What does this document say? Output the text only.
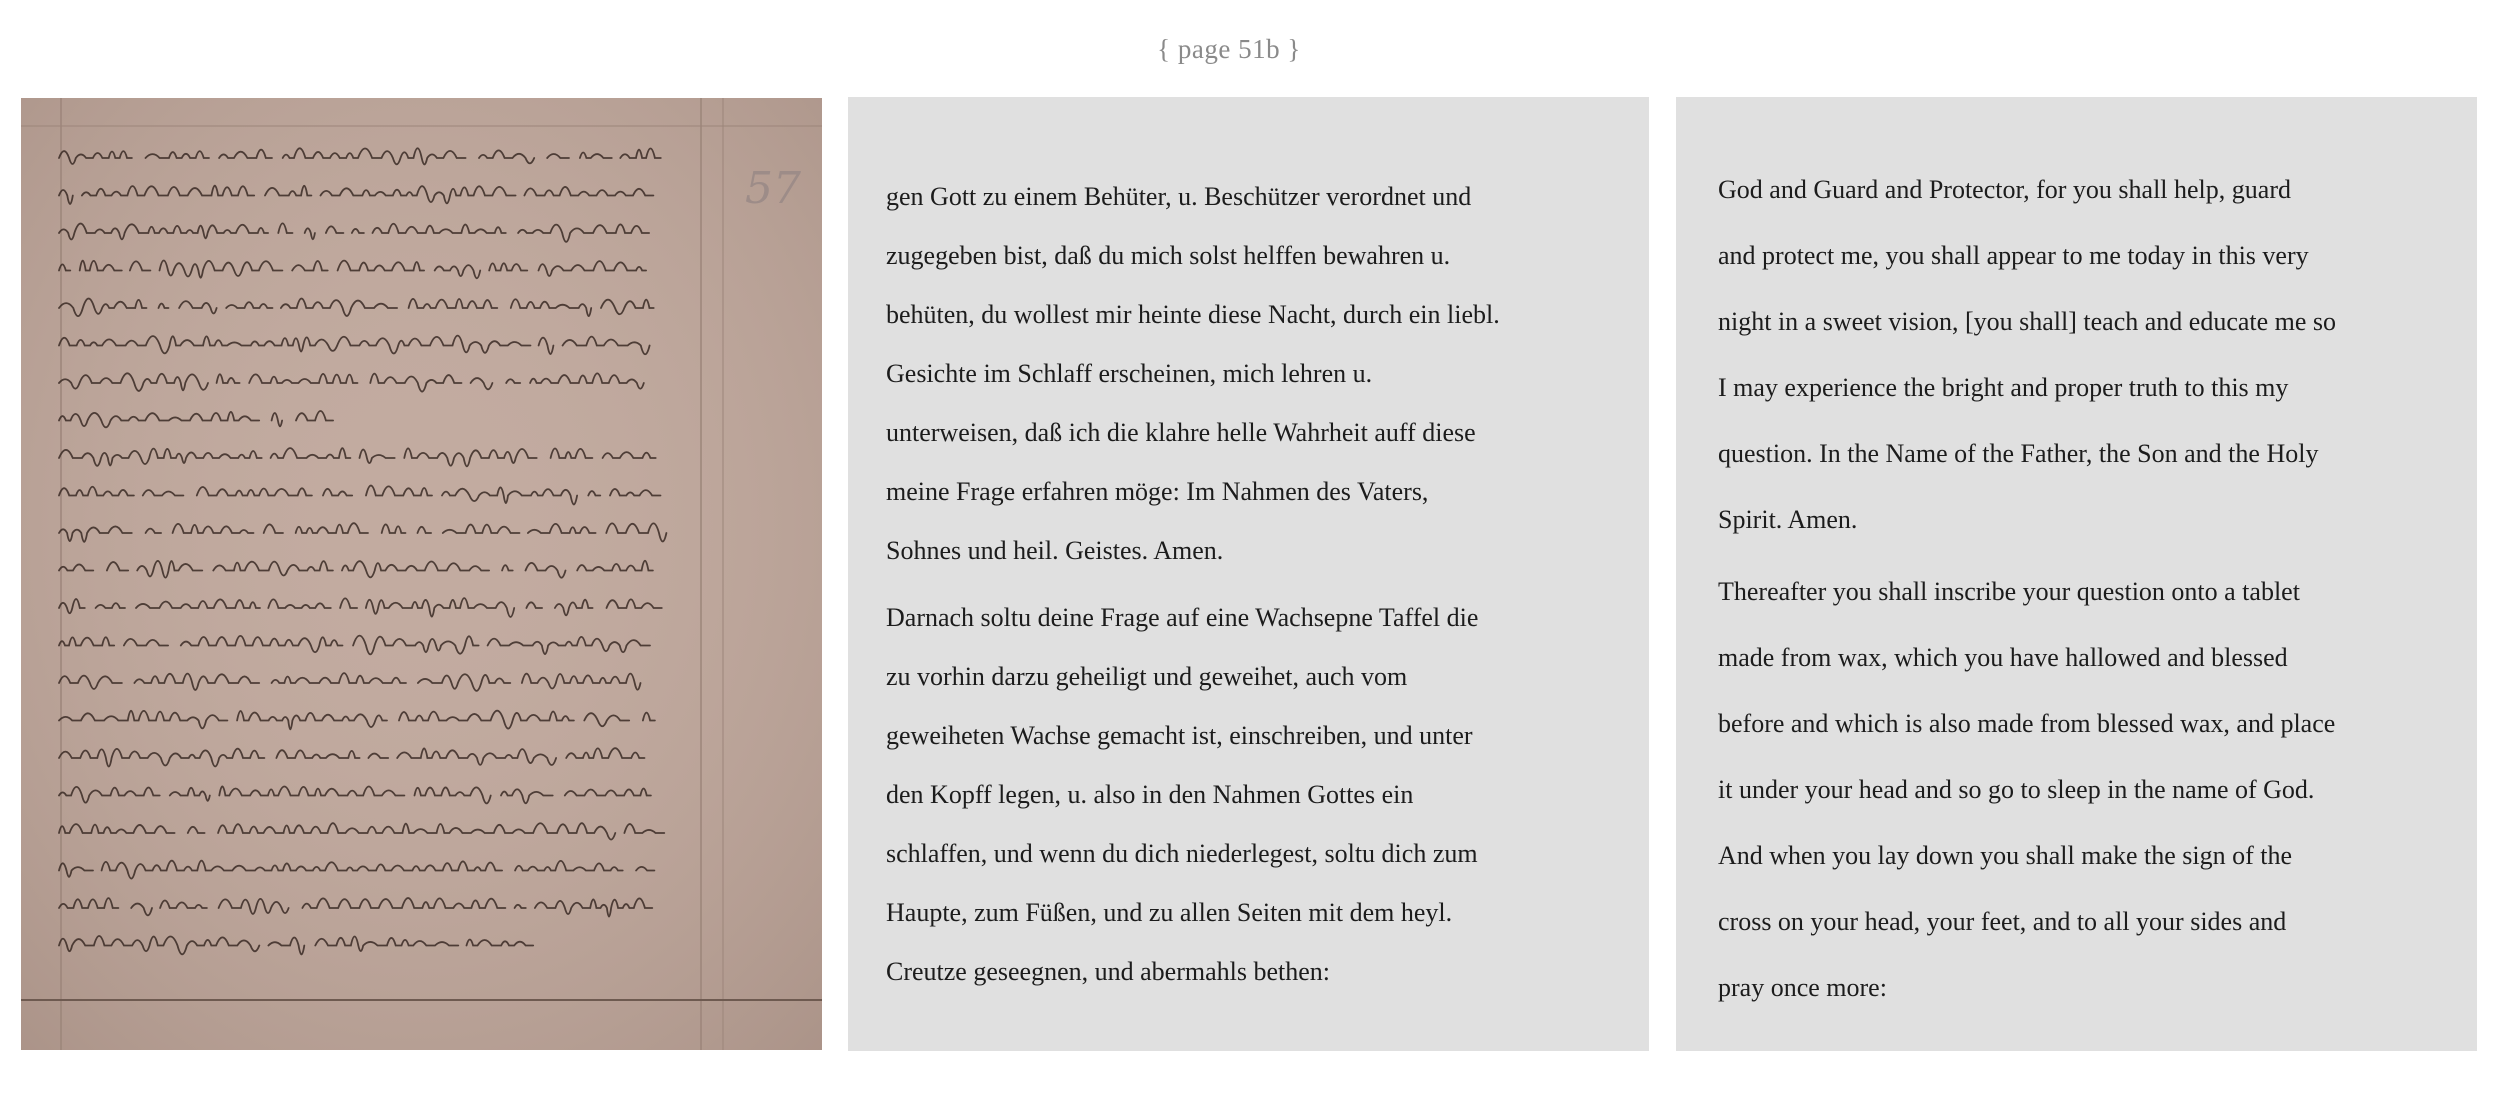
{ page 51b }
57	gen Gott zu einem Behüter, u. Beschützer verordnet und
zugegeben bist, daß du mich solst helffen bewahren u.
behüten, du wollest mir heinte diese Nacht, durch ein liebl.
Gesichte im Schlaff erscheinen, mich lehren u.
unterweisen, daß ich die klahre helle Wahrheit auff diese
meine Frage erfahren möge: Im Nahmen des Vaters,
Sohnes und heil. Geistes. Amen.

Darnach soltu deine Frage auf eine Wachsepne Taffel die
zu vorhin darzu geheiligt und geweihet, auch vom
geweiheten Wachse gemacht ist, einschreiben, und unter
den Kopff legen, u. also in den Nahmen Gottes ein
schlaffen, und wenn du dich niederlegest, soltu dich zum
Haupte, zum Füßen, und zu allen Seiten mit dem heyl.
Creutze geseegnen, und abermahls bethen:

God and Guard and Protector, for you shall help, guard
and protect me, you shall appear to me today in this very
night in a sweet vision, [you shall] teach and educate me so
I may experience the bright and proper truth to this my
question. In the Name of the Father, the Son and the Holy
Spirit. Amen.

Thereafter you shall inscribe your question onto a tablet
made from wax, which you have hallowed and blessed
before and which is also made from blessed wax, and place
it under your head and so go to sleep in the name of God.
And when you lay down you shall make the sign of the
cross on your head, your feet, and to all your sides and
pray once more:
